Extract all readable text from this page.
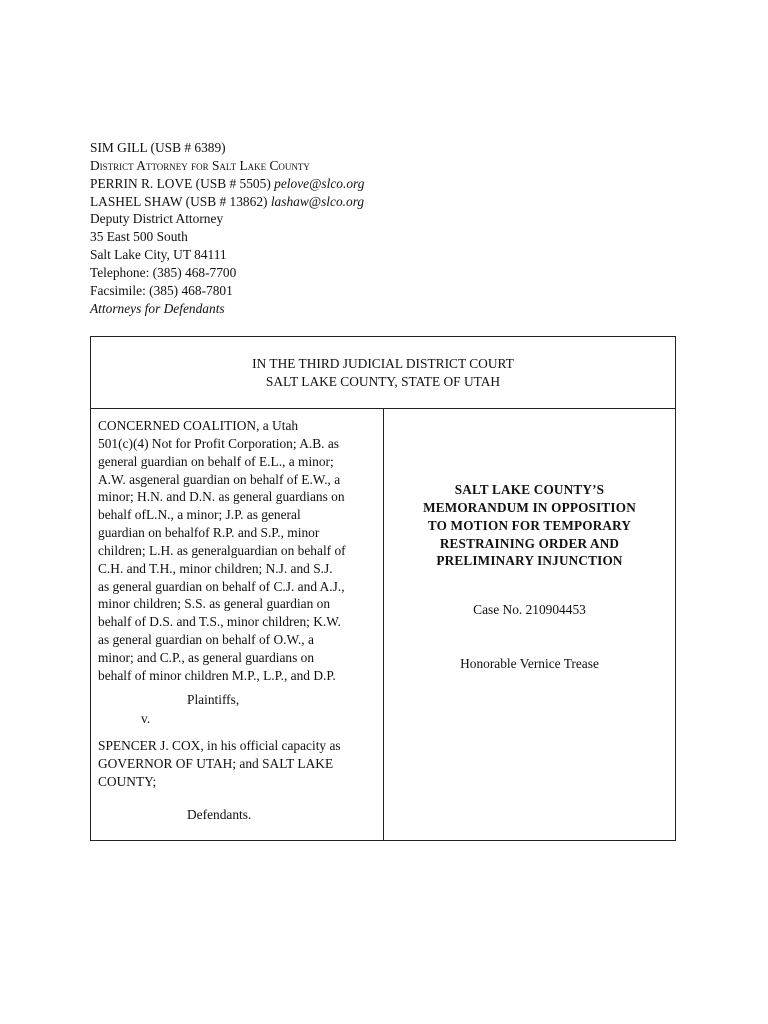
SIM GILL (USB # 6389)
District Attorney for Salt Lake County
PERRIN R. LOVE (USB # 5505) pelove@slco.org
LASHEL SHAW (USB # 13862) lashaw@slco.org
Deputy District Attorney
35 East 500 South
Salt Lake City, UT 84111
Telephone: (385) 468-7700
Facsimile: (385) 468-7801
Attorneys for Defendants
IN THE THIRD JUDICIAL DISTRICT COURT
SALT LAKE COUNTY, STATE OF UTAH
CONCERNED COALITION, a Utah
501(c)(4) Not for Profit Corporation; A.B. as
general guardian on behalf of E.L., a minor;
A.W. asgeneral guardian on behalf of E.W., a
minor; H.N. and D.N. as general guardians on
behalf ofL.N., a minor; J.P. as general
guardian on behalfof R.P. and S.P., minor
children; L.H. as generalguardian on behalf of
C.H. and T.H., minor children; N.J. and S.J.
as general guardian on behalf of C.J. and A.J.,
minor children; S.S. as general guardian on
behalf of D.S. and T.S., minor children; K.W.
as general guardian on behalf of O.W., a
minor; and C.P., as general guardians on
behalf of minor children M.P., L.P., and D.P.
Plaintiffs,
v.
SPENCER J. COX, in his official capacity as
GOVERNOR OF UTAH; and SALT LAKE
COUNTY;
Defendants.
SALT LAKE COUNTY’S
MEMORANDUM IN OPPOSITION
TO MOTION FOR TEMPORARY
RESTRAINING ORDER AND
PRELIMINARY INJUNCTION
Case No. 210904453
Honorable Vernice Trease
